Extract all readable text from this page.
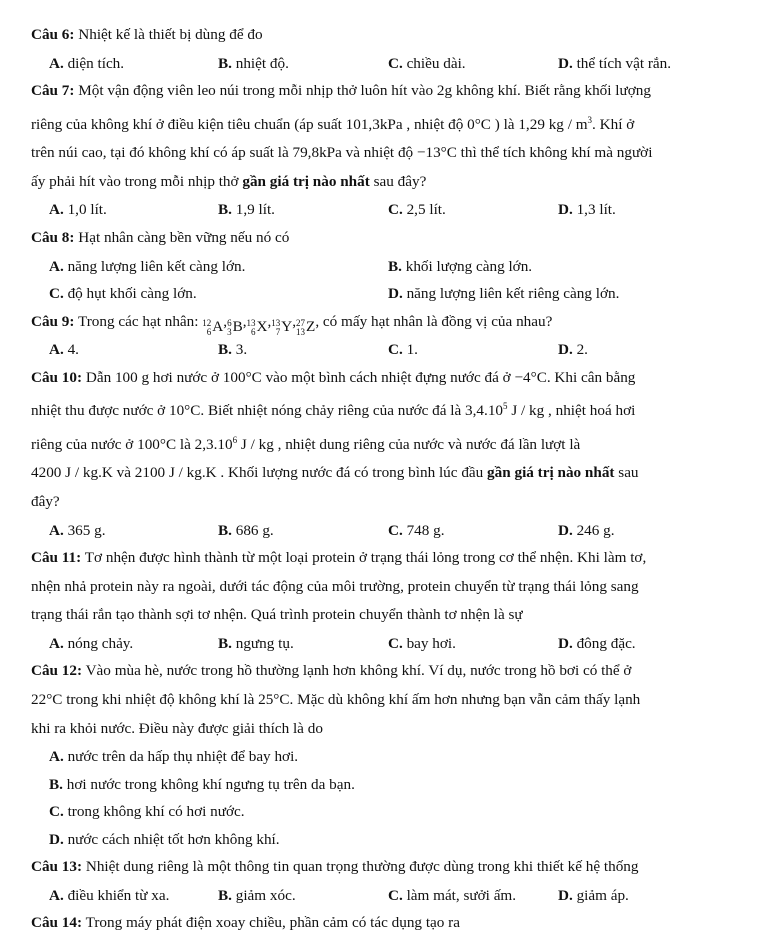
Câu 6: Nhiệt kế là thiết bị dùng để đo
A. diện tích.	B. nhiệt độ.	C. chiều dài.	D. thể tích vật rắn.
Câu 7: Một vận động viên leo núi trong mỗi nhịp thở luôn hít vào 2g không khí. Biết rằng khối lượng
riêng của không khí ở điều kiện tiêu chuẩn (áp suất 101,3kPa , nhiệt độ 0°C ) là 1,29 kg / $m^3$. Khí ở
trên núi cao, tại đó không khí có áp suất là 79,8kPa và nhiệt độ −13°C thì thể tích không khí mà người
ấy phải hít vào trong mỗi nhịp thở gần giá trị nào nhất sau đây?
A. 1,0 lít.	B. 1,9 lít.	C. 2,5 lít.	D. 1,3 lít.
Câu 8: Hạt nhân càng bền vững nếu nó có
A. năng lượng liên kết càng lớn.	B. khối lượng càng lớn.
C. độ hụt khối càng lớn.	D. năng lượng liên kết riêng càng lớn.
Câu 9: Trong các hạt nhân: 12
6 A, 6
3 B, 13
6 X, 13
7 Y, 27
13 Z, có mấy hạt nhân là đồng vị của nhau?
A. 4.	B. 3.	C. 1.	D. 2.
Câu 10: Dẫn 100 g hơi nước ở 100°C vào một bình cách nhiệt đựng nước đá ở −4°C. Khi cân bằng
nhiệt thu được nước ở 10°C. Biết nhiệt nóng chảy riêng của nước đá là 3,4.10$^5$ J / kg , nhiệt hoá hơi
riêng của nước ở 100°C là 2,3.10$^6$ J / kg , nhiệt dung riêng của nước và nước đá lần lượt là
4200 J / kg.K và 2100 J / kg.K . Khối lượng nước đá có trong bình lúc đầu gần giá trị nào nhất sau
đây?
A. 365 g.	B. 686 g.	C. 748 g.	D. 246 g.
Câu 11: Tơ nhện được hình thành từ một loại protein ở trạng thái lỏng trong cơ thể nhện. Khi làm tơ,
nhện nhả protein này ra ngoài, dưới tác động của môi trường, protein chuyển từ trạng thái lỏng sang
trạng thái rắn tạo thành sợi tơ nhện. Quá trình protein chuyển thành tơ nhện là sự
A. nóng chảy.	B. ngưng tụ.	C. bay hơi.	D. đông đặc.
Câu 12: Vào mùa hè, nước trong hồ thường lạnh hơn không khí. Ví dụ, nước trong hồ bơi có thể ở
22°C trong khi nhiệt độ không khí là 25°C. Mặc dù không khí ấm hơn nhưng bạn vẫn cảm thấy lạnh
khi ra khỏi nước. Điều này được giải thích là do
A. nước trên da hấp thụ nhiệt để bay hơi.
B. hơi nước trong không khí ngưng tụ trên da bạn.
C. trong không khí có hơi nước.
D. nước cách nhiệt tốt hơn không khí.
Câu 13: Nhiệt dung riêng là một thông tin quan trọng thường được dùng trong khi thiết kế hệ thống
A. điều khiển từ xa.	B. giảm xóc.	C. làm mát, sưởi ấm.	D. giảm áp.
Câu 14: Trong máy phát điện xoay chiều, phần cảm có tác dụng tạo ra
